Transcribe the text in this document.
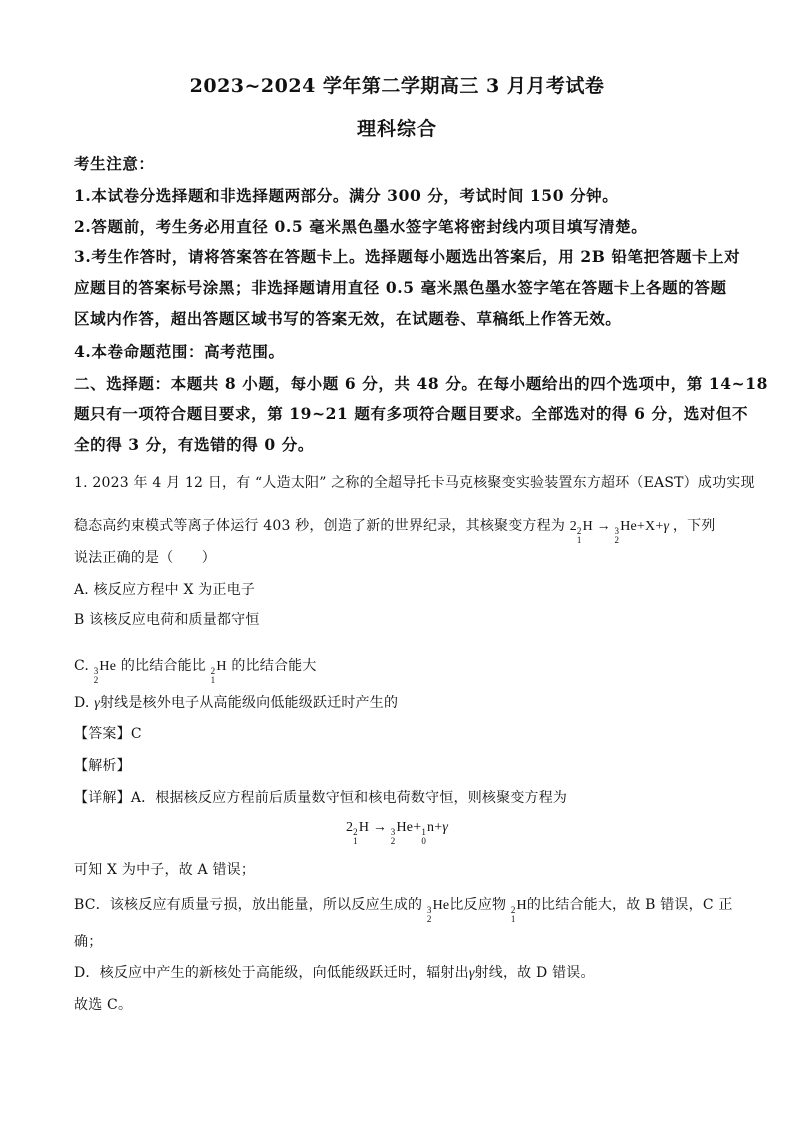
2023~2024 学年第二学期高三 3 月月考试卷
理科综合
考生注意：
1.本试卷分选择题和非选择题两部分。满分 300 分，考试时间 150 分钟。
2.答题前，考生务必用直径 0.5 毫米黑色墨水签字笔将密封线内项目填写清楚。
3.考生作答时，请将答案答在答题卡上。选择题每小题选出答案后，用 2B 铅笔把答题卡上对
应题目的答案标号涂黑；非选择题请用直径 0.5 毫米黑色墨水签字笔在答题卡上各题的答题
区域内作答，超出答题区域书写的答案无效，在试题卷、草稿纸上作答无效。
4.本卷命题范围：高考范围。
二、选择题：本题共 8 小题，每小题 6 分，共 48 分。在每小题给出的四个选项中，第 14~18
题只有一项符合题目要求，第 19~21 题有多项符合题目要求。全部选对的得 6 分，选对但不
全的得 3 分，有选错的得 0 分。
1. 2023 年 4 月 12 日，有 “人造太阳” 之称的全超导托卡马克核聚变实验装置东方超环（EAST）成功实现
稳态高约束模式等离子体运行 403 秒，创造了新的世界纪录，其核聚变方程为 2 2
1
H → 3
2
He+X+γ ，下列
说法正确的是（　　）
A. 核反应方程中 X 为正电子
B 该核反应电荷和质量都守恒
C. 3
2
He 的比结合能比 2
1
H 的比结合能大
D. γ射线是核外电子从高能级向低能级跃迁时产生的
【答案】C
【解析】
【详解】A．根据核反应方程前后质量数守恒和核电荷数守恒，则核聚变方程为
2 2
1
H → 3
2
He+ 1
0
n+γ
可知 X 为中子，故 A 错误；
BC．该核反应有质量亏损，放出能量，所以反应生成的 3
2
He比反应物 2
1
H的比结合能大，故 B 错误，C 正
确；
D．核反应中产生的新核处于高能级，向低能级跃迁时，辐射出γ射线，故 D 错误。
故选 C。
